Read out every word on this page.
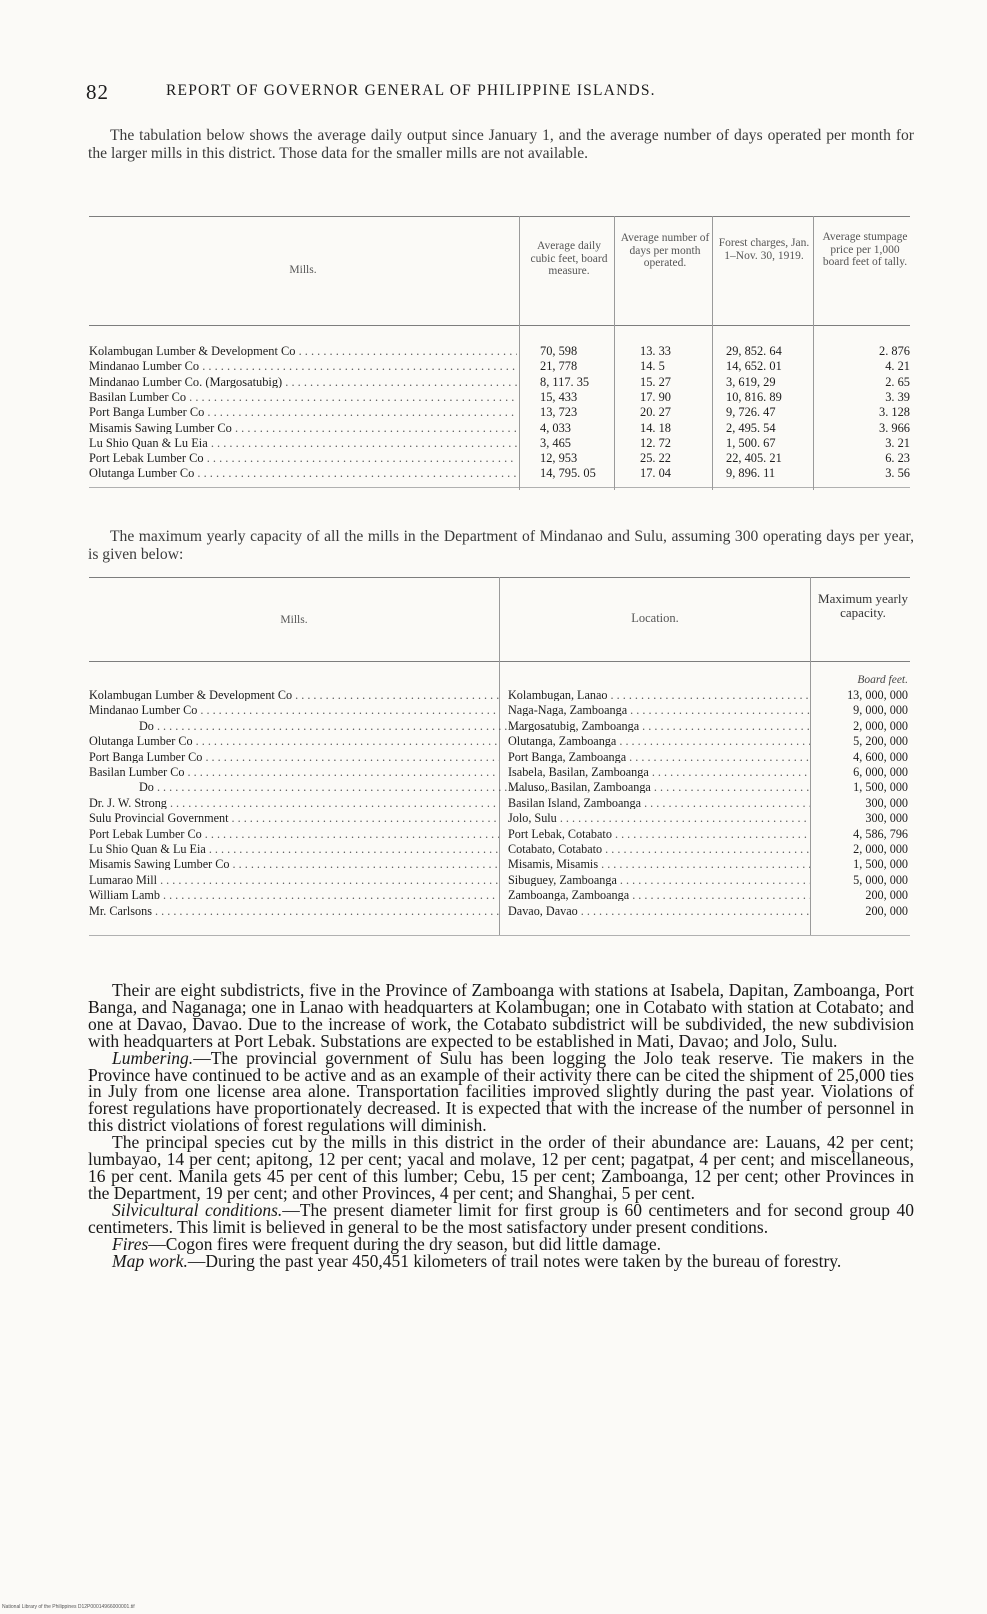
82	REPORT OF GOVERNOR GENERAL OF PHILIPPINE ISLANDS.
The tabulation below shows the average daily output since January 1, and the average number of days operated per month for the larger mills in this district. Those data for the smaller mills are not available.
Mills.
Average daily cubic feet, board measure.
Average number of days per month operated.
Forest charges, Jan. 1–Nov. 30, 1919.
Average stumpage price per 1,000 board feet of tally.
Kolambugan Lumber & Development Co . . .	70, 598	13. 33	29, 852. 64	2. 876
Mindanao Lumber Co . . .	21, 778	14. 5	14, 652. 01	4. 21
Mindanao Lumber Co. (Margosatubig) . . .	8, 117. 35	15. 27	3, 619, 29	2. 65
Basilan Lumber Co . . .	15, 433	17. 90	10, 816. 89	3. 39
Port Banga Lumber Co . . .	13, 723	20. 27	9, 726. 47	3. 128
Misamis Sawing Lumber Co . . .	4, 033	14. 18	2, 495. 54	3. 966
Lu Shio Quan & Lu Eia . . .	3, 465	12. 72	1, 500. 67	3. 21
Port Lebak Lumber Co . . .	12, 953	25. 22	22, 405. 21	6. 23
Olutanga Lumber Co . . .	14, 795. 05	17. 04	9, 896. 11	3. 56
The maximum yearly capacity of all the mills in the Department of Mindanao and Sulu, assuming 300 operating days per year, is given below:
Mills.	Location.
Maximum yearly capacity.
Board feet.
Kolambugan Lumber & Development Co . . .	Kolambugan, Lanao . . .	13, 000, 000
Mindanao Lumber Co . . .	Naga-Naga, Zamboanga . . .	9, 000, 000
Do . . .	Margosatubig, Zamboanga . . .	2, 000, 000
Olutanga Lumber Co . . .	Olutanga, Zamboanga . . .	5, 200, 000
Port Banga Lumber Co . . .	Port Banga, Zamboanga . . .	4, 600, 000
Basilan Lumber Co . . .	Isabela, Basilan, Zamboanga . . .	6, 000, 000
Do . . .	Maluso, Basilan, Zamboanga . . .	1, 500, 000
Dr. J. W. Strong . . .	Basilan Island, Zamboanga . . .	300, 000
Sulu Provincial Government . . .	Jolo, Sulu . . .	300, 000
Port Lebak Lumber Co . . .	Port Lebak, Cotabato . . .	4, 586, 796
Lu Shio Quan & Lu Eia . . .	Cotabato, Cotabato . . .	2, 000, 000
Misamis Sawing Lumber Co . . .	Misamis, Misamis . . .	1, 500, 000
Lumarao Mill . . .	Sibuguey, Zamboanga . . .	5, 000, 000
William Lamb . . .	Zamboanga, Zamboanga . . .	200, 000
Mr. Carlsons . . .	Davao, Davao . . .	200, 000

Their are eight subdistricts, five in the Province of Zamboanga with stations at Isabela, Dapitan, Zamboanga, Port Banga, and Naganaga; one in Lanao with headquarters at Kolambugan; one in Cotabato with station at Cotabato; and one at Davao, Davao. Due to the increase of work, the Cotabato subdistrict will be subdivided, the new subdivision with headquarters at Port Lebak. Substations are expected to be established in Mati, Davao; and Jolo, Sulu.

Lumbering.—The provincial government of Sulu has been logging the Jolo teak reserve. Tie makers in the Province have continued to be active and as an example of their activity there can be cited the shipment of 25,000 ties in July from one license area alone. Transportation facilities improved slightly during the past year. Violations of forest regulations have proportionately decreased. It is expected that with the increase of the number of personnel in this district violations of forest regulations will diminish.

The principal species cut by the mills in this district in the order of their abundance are: Lauans, 42 per cent; lumbayao, 14 per cent; apitong, 12 per cent; yacal and molave, 12 per cent; pagatpat, 4 per cent; and miscellaneous, 16 per cent. Manila gets 45 per cent of this lumber; Cebu, 15 per cent; Zamboanga, 12 per cent; other Provinces in the Department, 19 per cent; and other Provinces, 4 per cent; and Shanghai, 5 per cent.

Silvicultural conditions.—The present diameter limit for first group is 60 centimeters and for second group 40 centimeters. This limit is believed in general to be the most satisfactory under present conditions.

Fires—Cogon fires were frequent during the dry season, but did little damage.

Map work.—During the past year 450,451 kilometers of trail notes were taken by the bureau of forestry.

National Library of the Philippines D12P00014966000001.tif
